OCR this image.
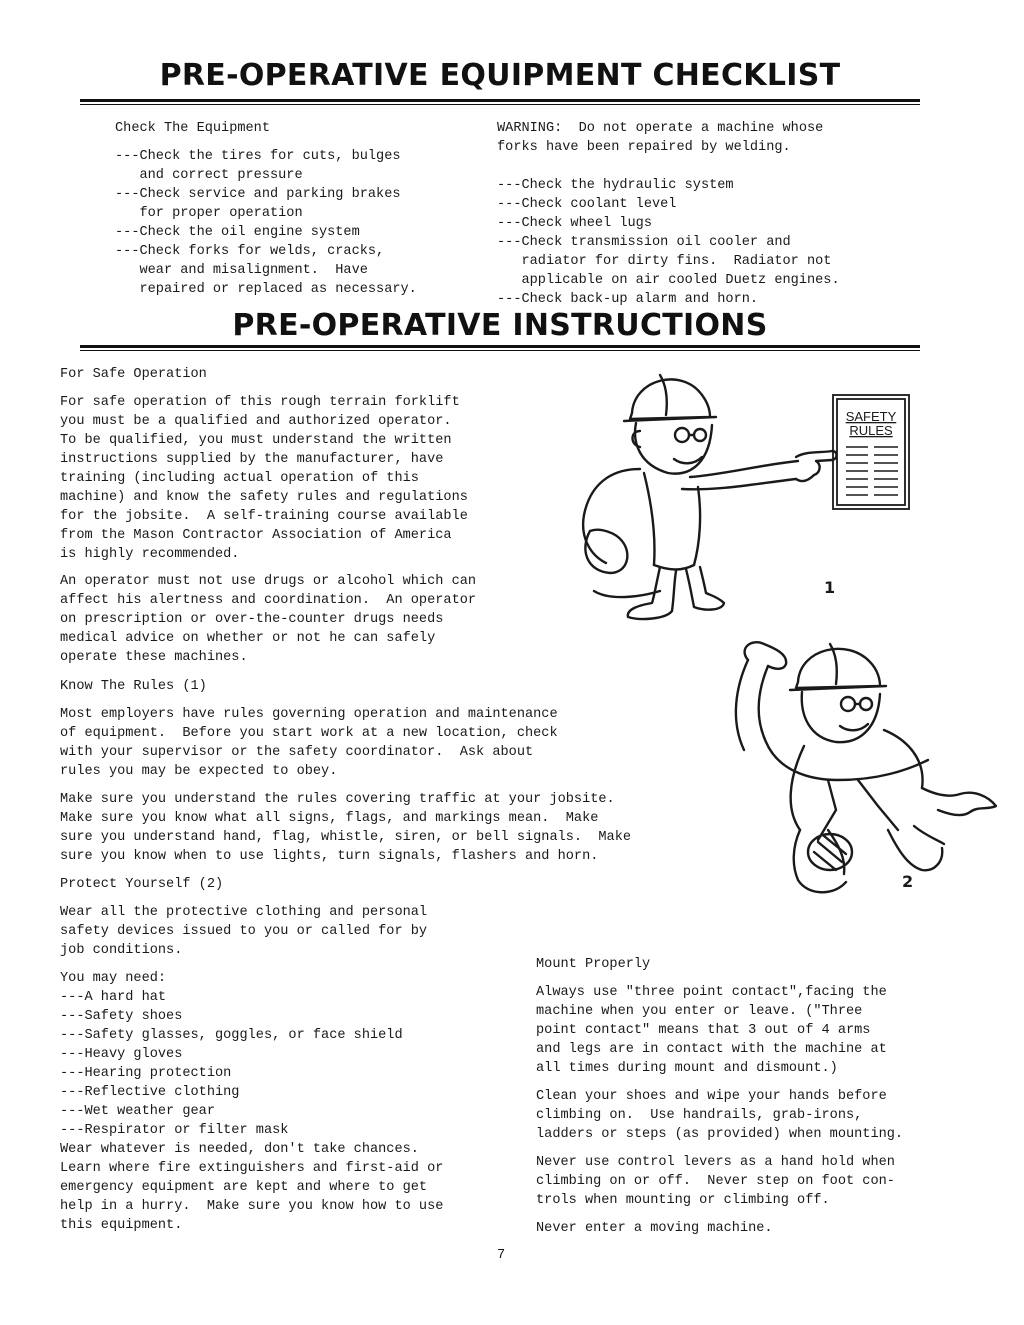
PRE-OPERATIVE EQUIPMENT CHECKLIST
Check The Equipment
---Check the tires for cuts, bulges
and correct pressure
---Check service and parking brakes
for proper operation
---Check the oil engine system
---Check forks for welds, cracks,
wear and misalignment.  Have
repaired or replaced as necessary.
WARNING:  Do not operate a machine whose
forks have been repaired by welding.

---Check the hydraulic system
---Check coolant level
---Check wheel lugs
---Check transmission oil cooler and
radiator for dirty fins.  Radiator not
applicable on air cooled Duetz engines.
---Check back-up alarm and horn.
PRE-OPERATIVE INSTRUCTIONS
For Safe Operation
For safe operation of this rough terrain forklift
you must be a qualified and authorized operator.
To be qualified, you must understand the written
instructions supplied by the manufacturer, have
training (including actual operation of this
machine) and know the safety rules and regulations
for the jobsite.  A self-training course available
from the Mason Contractor Association of America
is highly recommended.
An operator must not use drugs or alcohol which can
affect his alertness and coordination.  An operator
on prescription or over-the-counter drugs needs
medical advice on whether or not he can safely
operate these machines.
Know The Rules (1)
Most employers have rules governing operation and maintenance
of equipment.  Before you start work at a new location, check
with your supervisor or the safety coordinator.  Ask about
rules you may be expected to obey.
Make sure you understand the rules covering traffic at your jobsite.
Make sure you know what all signs, flags, and markings mean.  Make
sure you understand hand, flag, whistle, siren, or bell signals.  Make
sure you know when to use lights, turn signals, flashers and horn.
Protect Yourself (2)
Wear all the protective clothing and personal
safety devices issued to you or called for by
job conditions.
You may need:
---A hard hat
---Safety shoes
---Safety glasses, goggles, or face shield
---Heavy gloves
---Hearing protection
---Reflective clothing
---Wet weather gear
---Respirator or filter mask
Wear whatever is needed, don't take chances.
Learn where fire extinguishers and first-aid or
emergency equipment are kept and where to get
help in a hurry.  Make sure you know how to use
this equipment.
Mount Properly
Always use "three point contact",facing the
machine when you enter or leave. ("Three
point contact" means that 3 out of 4 arms
and legs are in contact with the machine at
all times during mount and dismount.)
Clean your shoes and wipe your hands before
climbing on.  Use handrails, grab-irons,
ladders or steps (as provided) when mounting.
Never use control levers as a hand hold when
climbing on or off.  Never step on foot con-
trols when mounting or climbing off.
Never enter a moving machine.
7
SAFETY
RULES
1
2
